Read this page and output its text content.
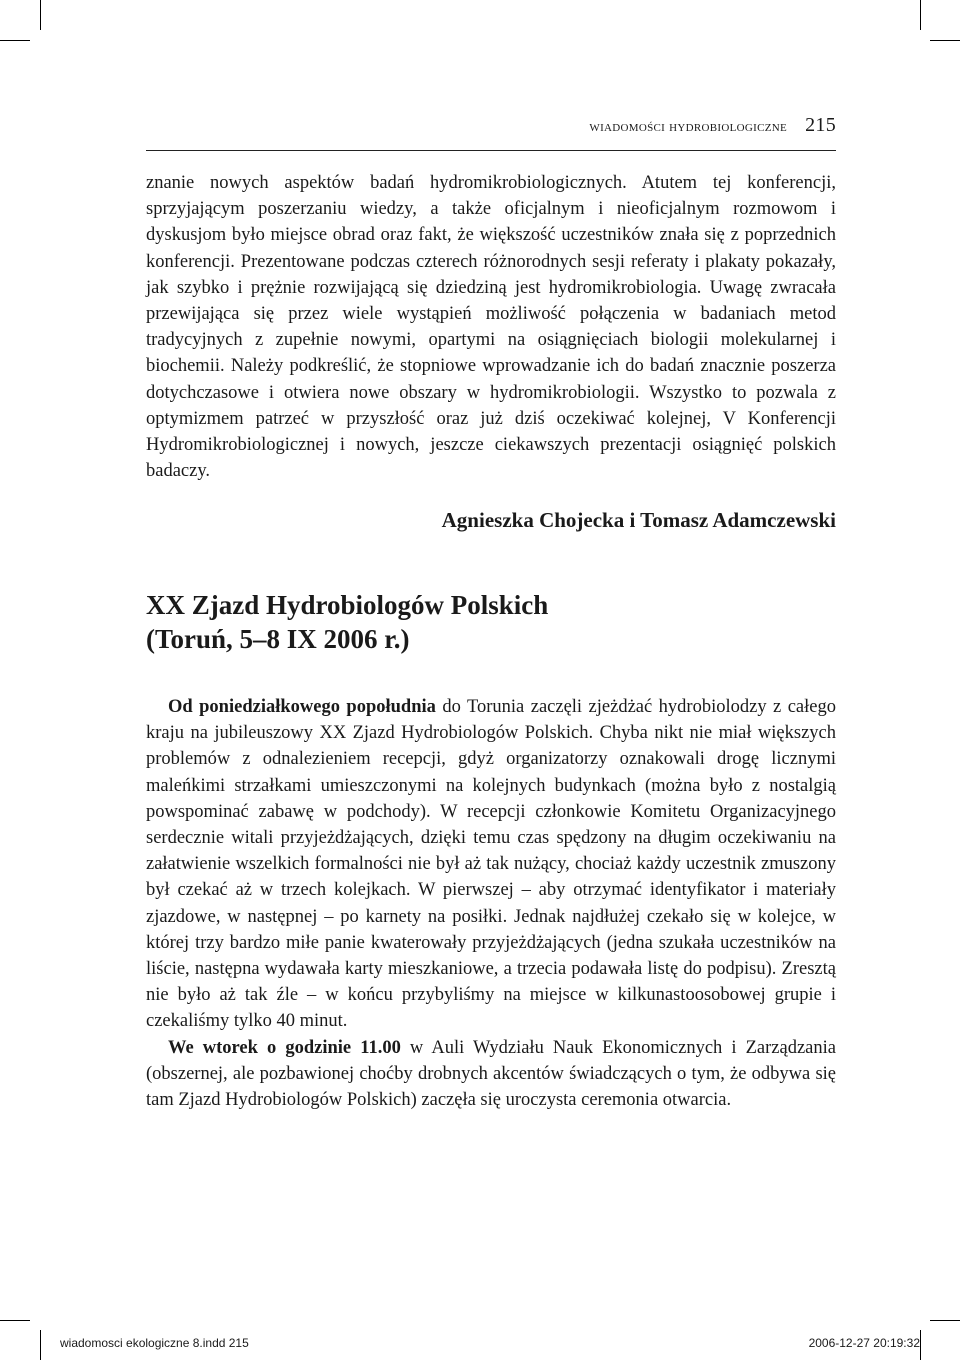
wiadomości hydrobiologiczne 215

znanie nowych aspektów badań hydromikrobiologicznych. Atutem tej konferencji, sprzyjającym poszerzaniu wiedzy, a także oficjalnym i nieoficjalnym rozmowom i dyskusjom było miejsce obrad oraz fakt, że większość uczestników znała się z poprzednich konferencji. Prezentowane podczas czterech różnorodnych sesji referaty i plakaty pokazały, jak szybko i prężnie rozwijającą się dziedziną jest hydromikrobiologia. Uwagę zwracała przewijająca się przez wiele wystąpień możliwość połączenia w badaniach metod tradycyjnych z zupełnie nowymi, opartymi na osiągnięciach biologii molekularnej i biochemii. Należy podkreślić, że stopniowe wprowadzanie ich do badań znacznie poszerza dotychczasowe i otwiera nowe obszary w hydromikrobiologii. Wszystko to pozwala z optymizmem patrzeć w przyszłość oraz już dziś oczekiwać kolejnej, V Konferencji Hydromikrobiologicznej i nowych, jeszcze ciekawszych prezentacji osiągnięć polskich badaczy.

Agnieszka Chojecka i Tomasz Adamczewski
XX Zjazd Hydrobiologów Polskich
(Toruń, 5–8 IX 2006 r.)

Od poniedziałkowego popołudnia do Torunia zaczęli zjeżdżać hydrobiolodzy z całego kraju na jubileuszowy XX Zjazd Hydrobiologów Polskich. Chyba nikt nie miał większych problemów z odnalezieniem recepcji, gdyż organizatorzy oznakowali drogę licznymi maleńkimi strzałkami umieszczonymi na kolejnych budynkach (można było z nostalgią powspominać zabawę w podchody). W recepcji członkowie Komitetu Organizacyjnego serdecznie witali przyjeżdżających, dzięki temu czas spędzony na długim oczekiwaniu na załatwienie wszelkich formalności nie był aż tak nużący, chociaż każdy uczestnik zmuszony był czekać aż w trzech kolejkach. W pierwszej – aby otrzymać identyfikator i materiały zjazdowe, w następnej – po karnety na posiłki. Jednak najdłużej czekało się w kolejce, w której trzy bardzo miłe panie kwaterowały przyjeżdżających (jedna szukała uczestników na liście, następna wydawała karty mieszkaniowe, a trzecia podawała listę do podpisu). Zresztą nie było aż tak źle – w końcu przybyliśmy na miejsce w kilkunastoosobowej grupie i czekaliśmy tylko 40 minut.

We wtorek o godzinie 11.00 w Auli Wydziału Nauk Ekonomicznych i Zarządzania (obszernej, ale pozbawionej choćby drobnych akcentów świadczących o tym, że odbywa się tam Zjazd Hydrobiologów Polskich) zaczęła się uroczysta ceremonia otwarcia.

wiadomosci ekologiczne 8.indd 215	2006-12-27 20:19:32
